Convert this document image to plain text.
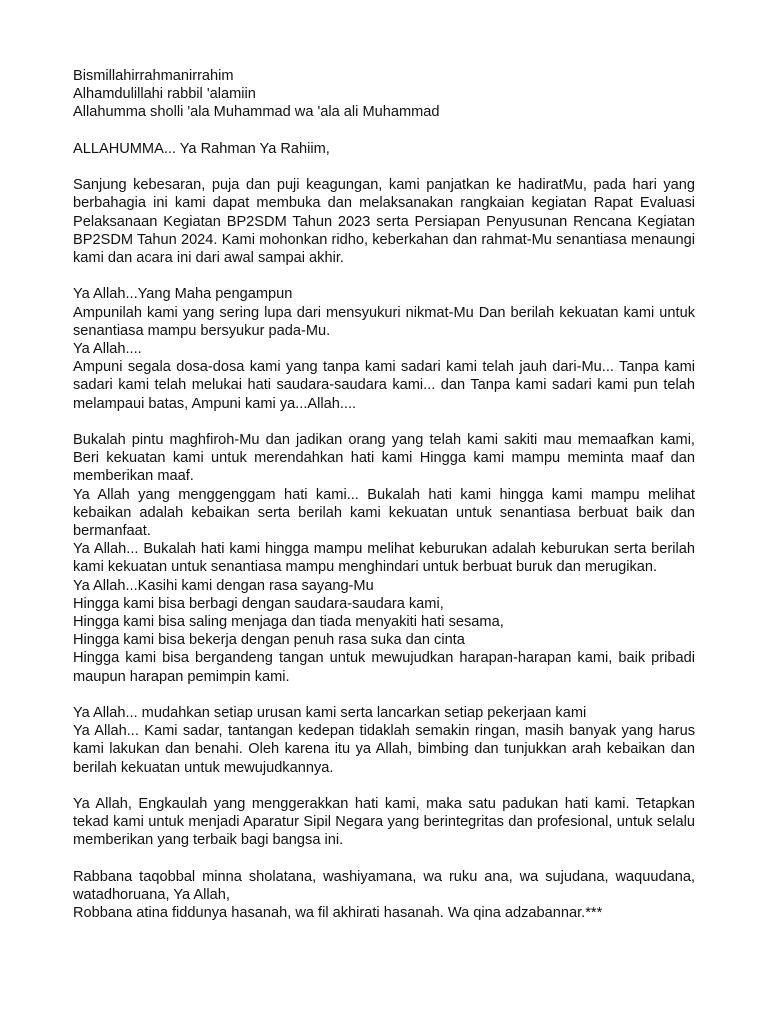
Bismillahirrahmanirrahim
Alhamdulillahi rabbil 'alamiin
Allahumma sholli 'ala Muhammad wa 'ala ali Muhammad

ALLAHUMMA... Ya Rahman Ya Rahiim,

Sanjung kebesaran, puja dan puji keagungan, kami panjatkan ke hadiratMu, pada hari yang berbahagia ini kami dapat membuka dan melaksanakan rangkaian kegiatan Rapat Evaluasi Pelaksanaan Kegiatan BP2SDM Tahun 2023 serta Persiapan Penyusunan Rencana Kegiatan BP2SDM Tahun 2024. Kami mohonkan ridho, keberkahan dan rahmat-Mu senantiasa menaungi kami dan acara ini dari awal sampai akhir.

Ya Allah...Yang Maha pengampun

Ampunilah kami yang sering lupa dari mensyukuri nikmat-Mu Dan berilah kekuatan kami untuk senantiasa mampu bersyukur pada-Mu.

Ya Allah....

Ampuni segala dosa-dosa kami yang tanpa kami sadari kami telah jauh dari-Mu... Tanpa kami sadari kami telah melukai hati saudara-saudara kami... dan Tanpa kami sadari kami pun telah melampaui batas, Ampuni kami ya...Allah....

Bukalah pintu maghfiroh-Mu dan jadikan orang yang telah kami sakiti mau memaafkan kami, Beri kekuatan kami untuk merendahkan hati kami Hingga kami mampu meminta maaf dan memberikan maaf.

Ya Allah yang menggenggam hati kami... Bukalah hati kami hingga kami mampu melihat kebaikan adalah kebaikan serta berilah kami kekuatan untuk senantiasa berbuat baik dan bermanfaat.

Ya Allah... Bukalah hati kami hingga mampu melihat keburukan adalah keburukan serta berilah kami kekuatan untuk senantiasa mampu menghindari untuk berbuat buruk dan merugikan.

Ya Allah...Kasihi kami dengan rasa sayang-Mu

Hingga kami bisa berbagi dengan saudara-saudara kami,

Hingga kami bisa saling menjaga dan tiada menyakiti hati sesama,

Hingga kami bisa bekerja dengan penuh rasa suka dan cinta

Hingga kami bisa bergandeng tangan untuk mewujudkan harapan-harapan kami, baik pribadi maupun harapan pemimpin kami.

Ya Allah... mudahkan setiap urusan kami serta lancarkan setiap pekerjaan kami

Ya Allah... Kami sadar, tantangan kedepan tidaklah semakin ringan, masih banyak yang harus kami lakukan dan benahi. Oleh karena itu ya Allah, bimbing dan tunjukkan arah kebaikan dan berilah kekuatan untuk mewujudkannya.

Ya Allah, Engkaulah yang menggerakkan hati kami, maka satu padukan hati kami. Tetapkan tekad kami untuk menjadi Aparatur Sipil Negara yang berintegritas dan profesional, untuk selalu memberikan yang terbaik bagi bangsa ini.

Rabbana taqobbal minna sholatana, washiyamana, wa ruku ana, wa sujudana, waquudana, watadhoruana, Ya Allah,

Robbana atina fiddunya hasanah, wa fil akhirati hasanah. Wa qina adzabannar.***
